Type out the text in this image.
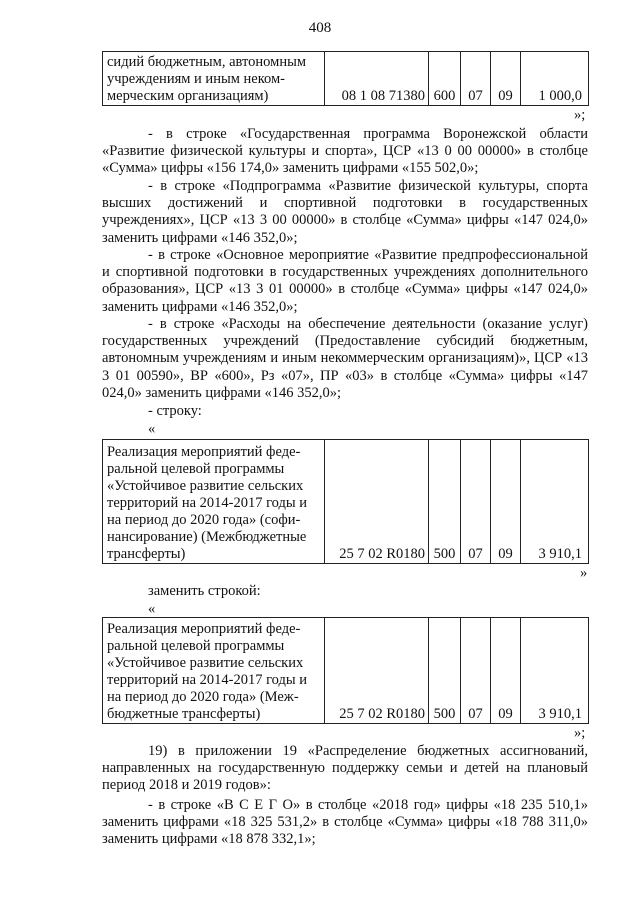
408
сидий бюджетным, автономным
учреждениям и иным неком-
мерческим организациям)	08 1 08 71380	600	07	09	1 000,0
»;

- в строке «Государственная программа Воронежской области «Развитие физической культуры и спорта», ЦСР «13 0 00 00000» в столбце «Сумма» цифры «156 174,0» заменить цифрами «155 502,0»;

- в строке «Подпрограмма «Развитие физической культуры, спорта высших достижений и спортивной подготовки в государственных учреждениях», ЦСР «13 3 00 00000» в столбце «Сумма» цифры «147 024,0» заменить цифрами «146 352,0»;

- в строке «Основное мероприятие «Развитие предпрофессиональной и спортивной подготовки в государственных учреждениях дополнительного образования», ЦСР «13 3 01 00000» в столбце «Сумма» цифры «147 024,0» заменить цифрами «146 352,0»;

- в строке «Расходы на обеспечение деятельности (оказание услуг) государственных учреждений (Предоставление субсидий бюджетным, автономным учреждениям и иным некоммерческим организациям)», ЦСР «13 3 01 00590», ВР «600», Рз «07», ПР «03» в столбце «Сумма» цифры «147 024,0» заменить цифрами «146 352,0»;

- строку:
«
Реализация мероприятий феде-
ральной целевой программы
«Устойчивое развитие сельских
территорий на 2014-2017 годы и
на период до 2020 года» (софи-
нансирование) (Межбюджетные
трансферты)	25 7 02 R0180	500	07	09	3 910,1
»
заменить строкой:
«
Реализация мероприятий феде-
ральной целевой программы
«Устойчивое развитие сельских
территорий на 2014-2017 годы и
на период до 2020 года» (Меж-
бюджетные трансферты)	25 7 02 R0180	500	07	09	3 910,1
»;

19) в приложении 19 «Распределение бюджетных ассигнований, направленных на государственную поддержку семьи и детей на плановый период 2018 и 2019 годов»:

- в строке «В С Е Г О» в столбце «2018 год» цифры «18 235 510,1» заменить цифрами «18 325 531,2» в столбце «Сумма» цифры «18 788 311,0» заменить цифрами «18 878 332,1»;
